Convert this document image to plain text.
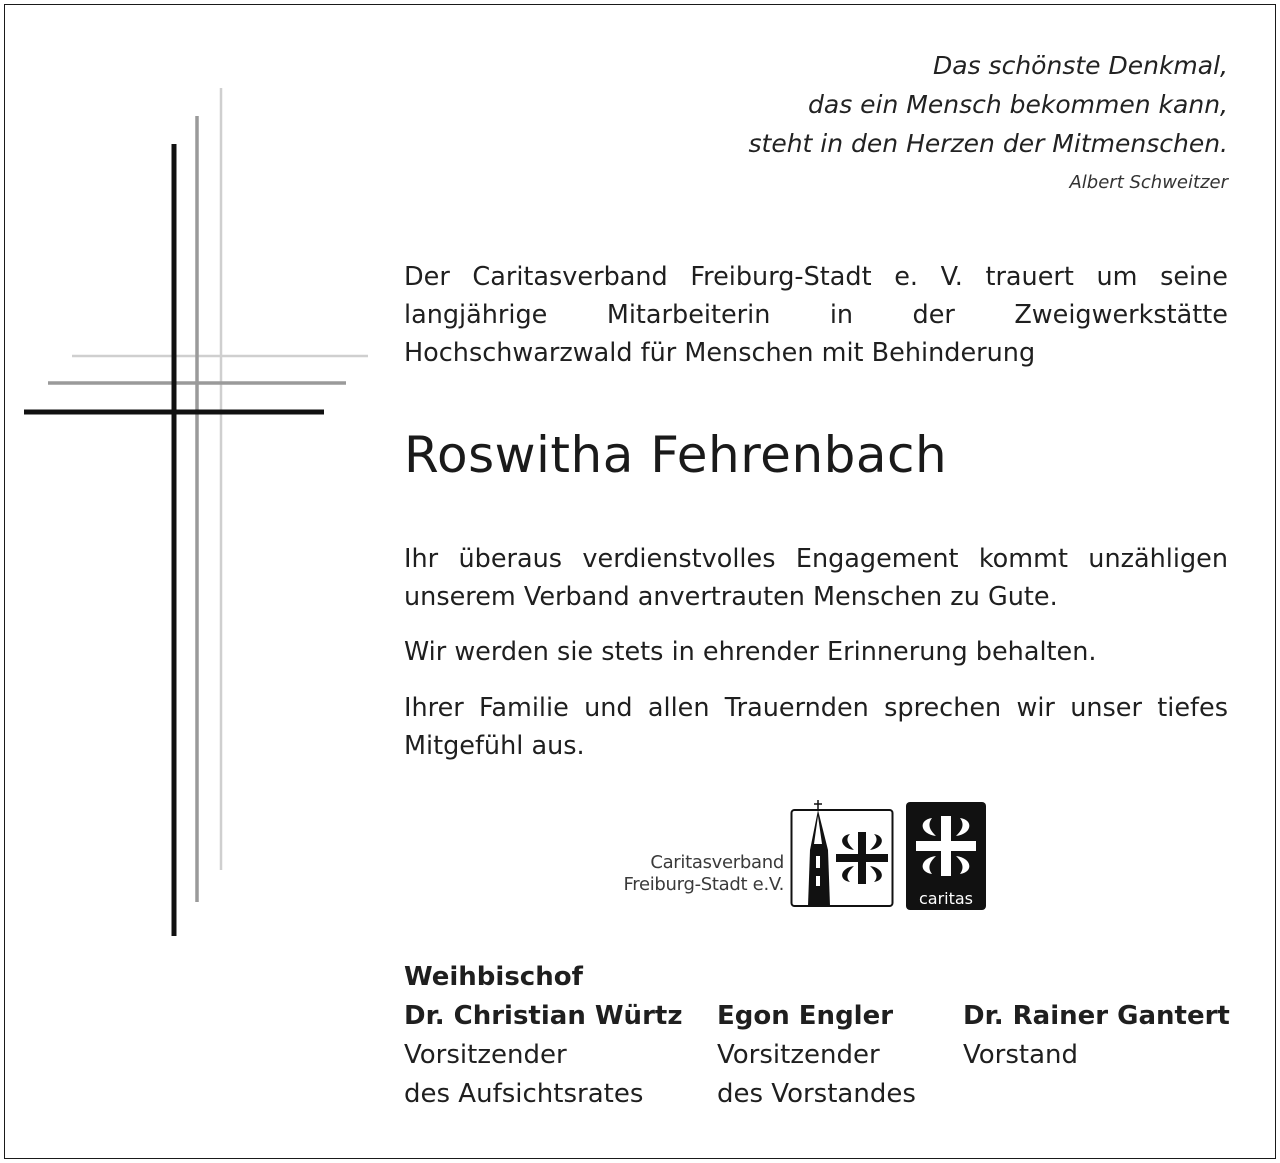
Das schönste Denkmal,
das ein Mensch bekommen kann,
steht in den Herzen der Mitmenschen.
Albert Schweitzer
Der Caritasverband Freiburg-Stadt e. V. trauert um seine
langjährige Mitarbeiterin in der Zweigwerkstätte
Hochschwarzwald für Menschen mit Behinderung
Roswitha Fehrenbach
Ihr überaus verdienstvolles Engagement kommt unzähligen
unserem Verband anvertrauten Menschen zu Gute.
Wir werden sie stets in ehrender Erinnerung behalten.
Ihrer Familie und allen Trauernden sprechen wir unser tiefes
Mitgefühl aus.
Caritasverband
Freiburg-Stadt e.V.
caritas
Weihbischof
Dr. Christian Würtz
Vorsitzender
des Aufsichtsrates
Egon Engler
Vorsitzender
des Vorstandes
Dr. Rainer Gantert
Vorstand
